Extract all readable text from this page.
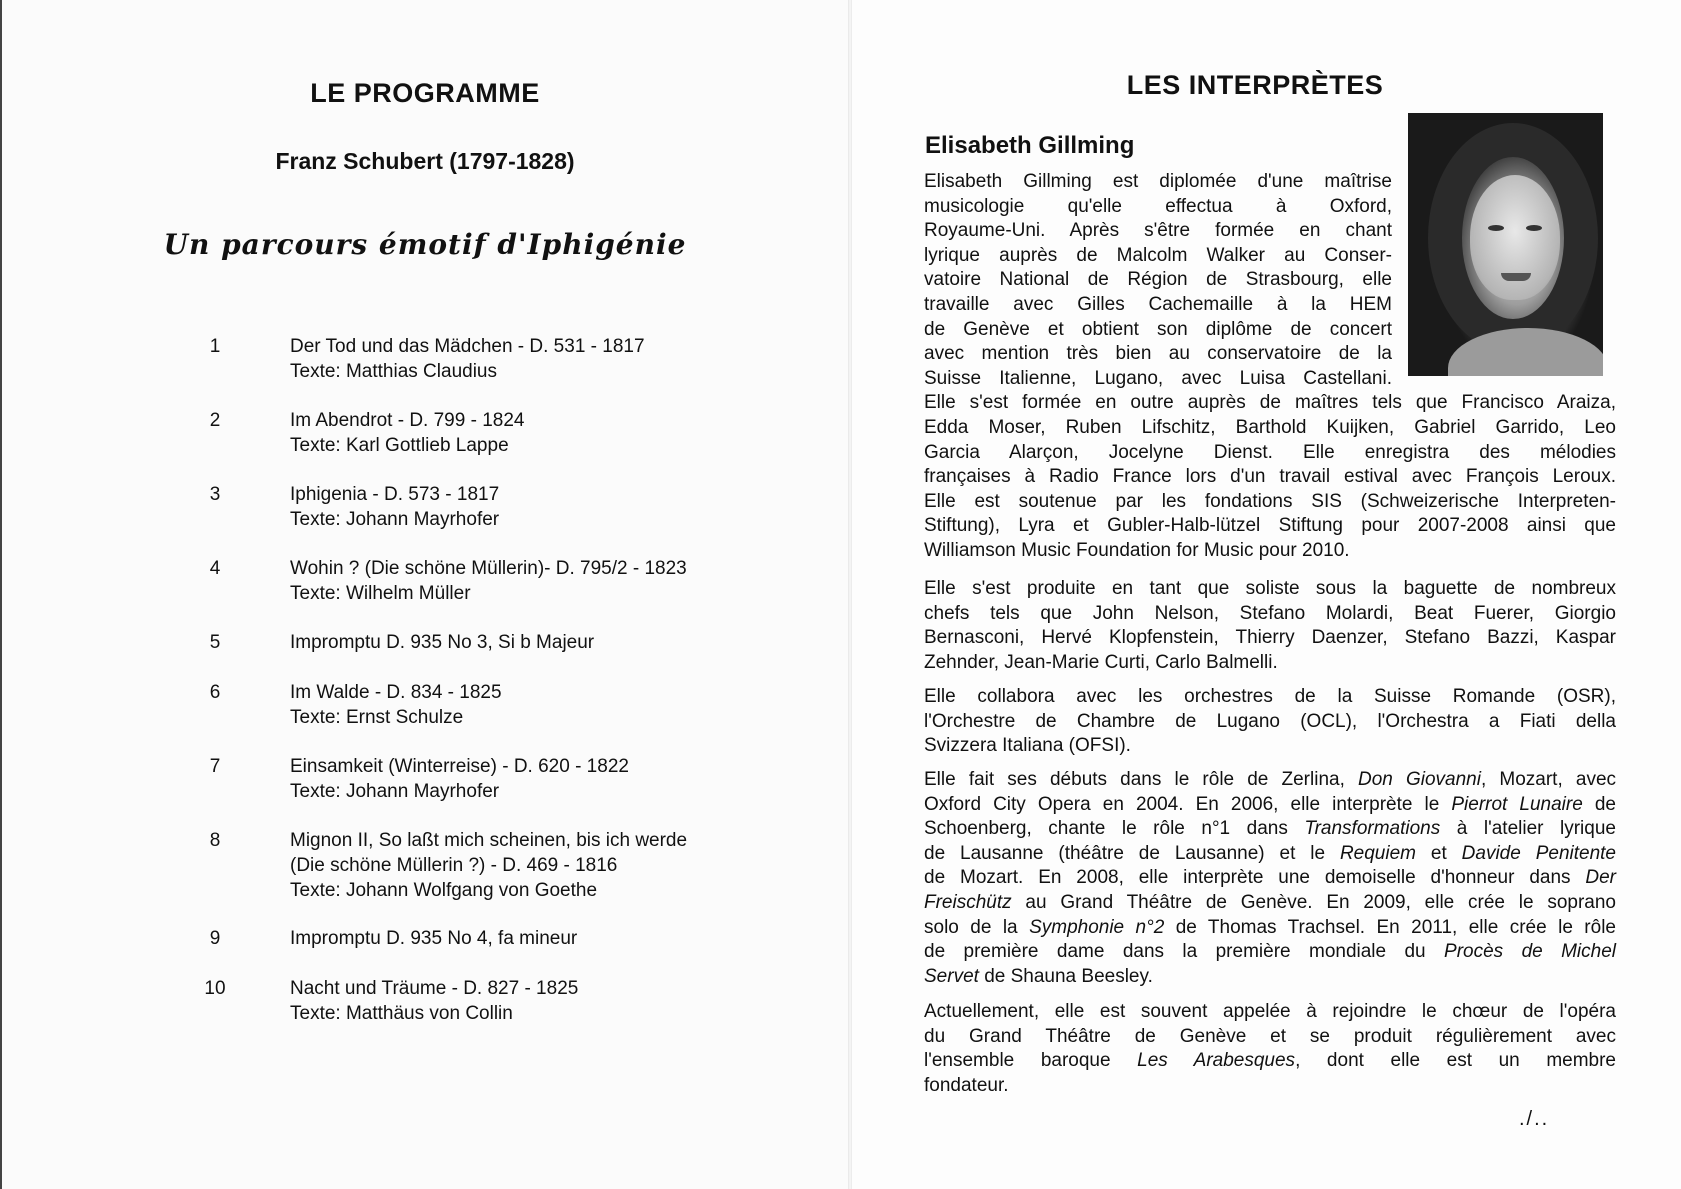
LE PROGRAMME
Franz Schubert (1797-1828)
Un parcours émotif d'Iphigénie
1	Der Tod und das Mädchen - D. 531 - 1817
Texte: Matthias Claudius
2	Im Abendrot - D. 799 - 1824
Texte: Karl Gottlieb Lappe
3	Iphigenia - D. 573 - 1817
Texte: Johann Mayrhofer
4	Wohin ? (Die schöne Müllerin)- D. 795/2 - 1823
Texte: Wilhelm Müller
5	Impromptu D. 935 No 3, Si b Majeur
6	Im Walde - D. 834 - 1825
Texte: Ernst Schulze
7	Einsamkeit (Winterreise) - D. 620 - 1822
Texte: Johann Mayrhofer
8	Mignon II, So laßt mich scheinen, bis ich werde
(Die schöne Müllerin ?) - D. 469 - 1816
Texte: Johann Wolfgang von Goethe
9	Impromptu D. 935 No 4, fa mineur
10	Nacht und Träume - D. 827 - 1825
Texte: Matthäus von Collin
LES INTERPRÈTES
Elisabeth Gillming
Elisabeth Gillming est diplomée d'une maîtrise
musicologie qu'elle effectua à Oxford,
Royaume-Uni. Après s'être formée en chant
lyrique auprès de Malcolm Walker au Conser-
vatoire National de Région de Strasbourg, elle
travaille avec Gilles Cachemaille à la HEM
de Genève et obtient son diplôme de concert
avec mention très bien au conservatoire de la
Suisse Italienne, Lugano, avec Luisa Castellani.
Elle s'est formée en outre auprès de maîtres tels que Francisco Araiza,
Edda Moser, Ruben Lifschitz, Barthold Kuijken, Gabriel Garrido, Leo
Garcia Alarçon, Jocelyne Dienst. Elle enregistra des mélodies
françaises à Radio France lors d'un travail estival avec François Leroux.
Elle est soutenue par les fondations SIS (Schweizerische Interpreten-
Stiftung), Lyra et Gubler-Halb-lützel Stiftung pour 2007-2008 ainsi que
Williamson Music Foundation for Music pour 2010.
Elle s'est produite en tant que soliste sous la baguette de nombreux
chefs tels que John Nelson, Stefano Molardi, Beat Fuerer, Giorgio
Bernasconi, Hervé Klopfenstein, Thierry Daenzer, Stefano Bazzi, Kaspar
Zehnder, Jean-Marie Curti, Carlo Balmelli.
Elle collabora avec les orchestres de la Suisse Romande (OSR),
l'Orchestre de Chambre de Lugano (OCL), l'Orchestra a Fiati della
Svizzera Italiana (OFSI).
Elle fait ses débuts dans le rôle de Zerlina, Don Giovanni, Mozart, avec
Oxford City Opera en 2004. En 2006, elle interprète le Pierrot Lunaire de
Schoenberg, chante le rôle n°1 dans Transformations à l'atelier lyrique
de Lausanne (théâtre de Lausanne) et le Requiem et Davide Penitente
de Mozart. En 2008, elle interprète une demoiselle d'honneur dans Der
Freischütz au Grand Théâtre de Genève. En 2009, elle crée le soprano
solo de la Symphonie n°2 de Thomas Trachsel. En 2011, elle crée le rôle
de première dame dans la première mondiale du Procès de Michel
Servet de Shauna Beesley.
Actuellement, elle est souvent appelée à rejoindre le chœur de l'opéra
du Grand Théâtre de Genève et se produit régulièrement avec
l'ensemble baroque Les Arabesques, dont elle est un membre
fondateur.
./..
